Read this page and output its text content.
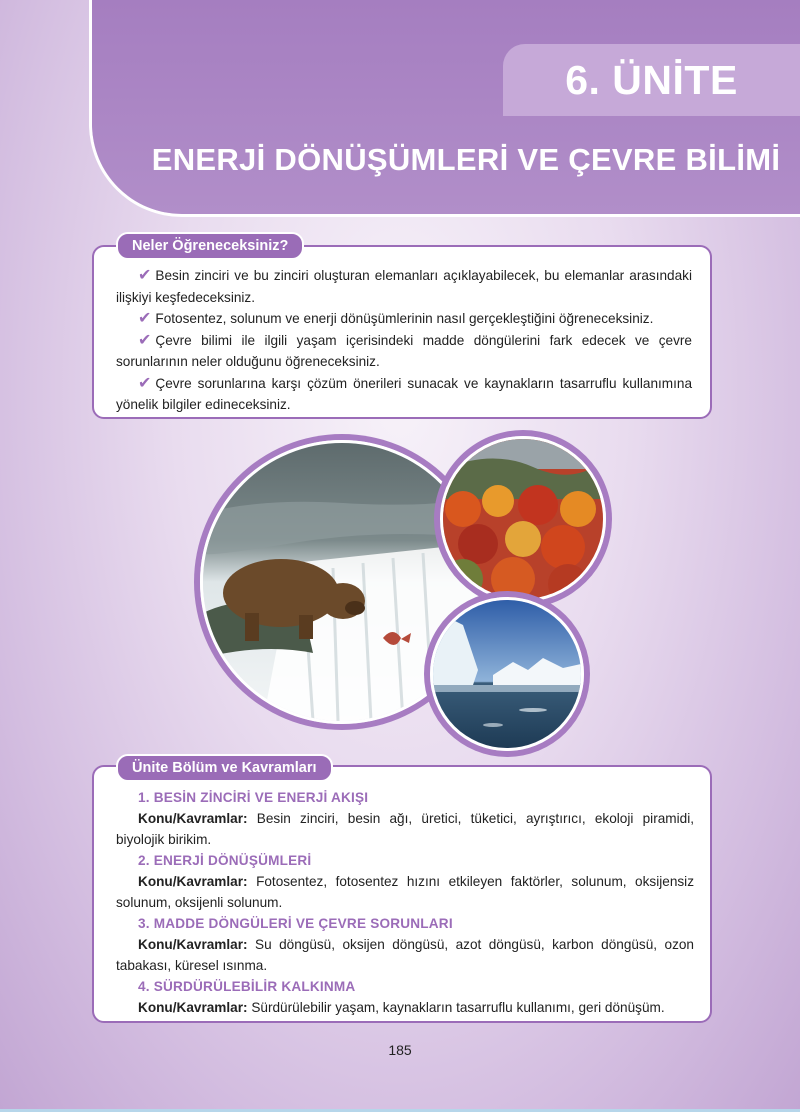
6. ÜNİTE
ENERJİ DÖNÜŞÜMLERİ VE ÇEVRE BİLİMİ

✔ Besin zinciri ve bu zinciri oluşturan elemanları açıklayabilecek, bu elemanlar arasındaki ilişkiyi keşfedeceksiniz.

✔ Fotosentez, solunum ve enerji dönüşümlerinin nasıl gerçekleştiğini öğreneceksiniz.

✔ Çevre bilimi ile ilgili yaşam içerisindeki madde döngülerini fark edecek ve çevre sorunlarının neler olduğunu öğreneceksiniz.

✔ Çevre sorunlarına karşı çözüm önerileri sunacak ve kaynakların tasarruflu kullanımına yönelik bilgiler edineceksiniz.

Neler Öğreneceksiniz?
1. BESİN ZİNCİRİ VE ENERJİ AKIŞI

Konu/Kavramlar: Besin zinciri, besin ağı, üretici, tüketici, ayrıştırıcı, ekoloji piramidi, biyolojik birikim.

2. ENERJİ DÖNÜŞÜMLERİ

Konu/Kavramlar: Fotosentez, fotosentez hızını etkileyen faktörler, solunum, oksijensiz solunum, oksijenli solunum.

3. MADDE DÖNGÜLERİ VE ÇEVRE SORUNLARI

Konu/Kavramlar: Su döngüsü, oksijen döngüsü, azot döngüsü, karbon döngüsü, ozon tabakası, küresel ısınma.

4. SÜRDÜRÜLEBİLİR KALKINMA

Konu/Kavramlar: Sürdürülebilir yaşam, kaynakların tasarruflu kullanımı, geri dönüşüm.

Ünite Bölüm ve Kavramları
185
